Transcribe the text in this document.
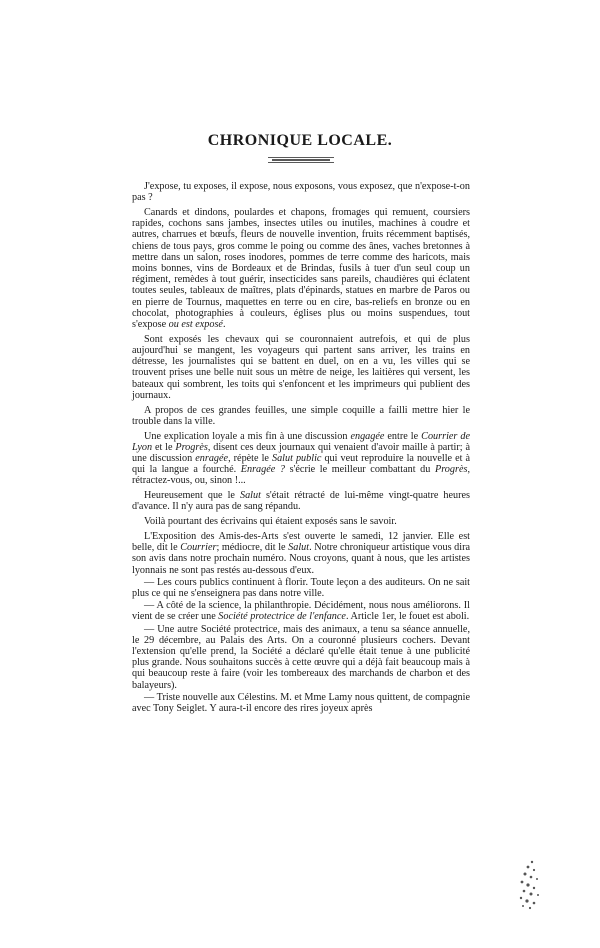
CHRONIQUE LOCALE.

J'expose, tu exposes, il expose, nous exposons, vous exposez, que n'expose-t-on pas ?

Canards et dindons, poulardes et chapons, fromages qui remuent, coursiers rapides, cochons sans jambes, insectes utiles ou inutiles, machines à coudre et autres, charrues et bœufs, fleurs de nouvelle invention, fruits récemment baptisés, chiens de tous pays, gros comme le poing ou comme des ânes, vaches bretonnes à mettre dans un salon, roses inodores, pommes de terre comme des haricots, mais moins bonnes, vins de Bordeaux et de Brindas, fusils à tuer d'un seul coup un régiment, remèdes à tout guérir, insecticides sans pareils, chaudières qui éclatent toutes seules, tableaux de maîtres, plats d'épinards, statues en marbre de Paros ou en pierre de Tournus, maquettes en terre ou en cire, bas-reliefs en bronze ou en chocolat, photographies à couleurs, églises plus ou moins suspendues, tout s'expose ou est exposé.

Sont exposés les chevaux qui se couronnaient autrefois, et qui de plus aujourd'hui se mangent, les voyageurs qui partent sans arriver, les trains en détresse, les journalistes qui se battent en duel, on en a vu, les villes qui se trouvent prises une belle nuit sous un mètre de neige, les laitières qui versent, les bateaux qui sombrent, les toits qui s'enfoncent et les imprimeurs qui publient des journaux.

A propos de ces grandes feuilles, une simple coquille a failli mettre hier le trouble dans la ville.

Une explication loyale a mis fin à une discussion engagée entre le Courrier de Lyon et le Progrès, disent ces deux journaux qui venaient d'avoir maille à partir; à une discussion enragée, répète le Salut public qui veut reproduire la nouvelle et à qui la langue a fourché. Enragée ? s'écrie le meilleur combattant du Progrès, rétractez-vous, ou, sinon !...

Heureusement que le Salut s'était rétracté de lui-même vingt-quatre heures d'avance. Il n'y aura pas de sang répandu.

Voilà pourtant des écrivains qui étaient exposés sans le savoir.

L'Exposition des Amis-des-Arts s'est ouverte le samedi, 12 janvier. Elle est belle, dit le Courrier; médiocre, dit le Salut. Notre chroniqueur artistique vous dira son avis dans notre prochain numéro. Nous croyons, quant à nous, que les artistes lyonnais ne sont pas restés au-dessous d'eux.

— Les cours publics continuent à florir. Toute leçon a des auditeurs. On ne sait plus ce qui ne s'enseignera pas dans notre ville.

— A côté de la science, la philanthropie. Décidément, nous nous améliorons. Il vient de se créer une Société protectrice de l'enfance. Article 1er, le fouet est aboli.

— Une autre Société protectrice, mais des animaux, a tenu sa séance annuelle, le 29 décembre, au Palais des Arts. On a couronné plusieurs cochers. Devant l'extension qu'elle prend, la Société a déclaré qu'elle était tenue à une publicité plus grande. Nous souhaitons succès à cette œuvre qui a déjà fait beaucoup mais à qui beaucoup reste à faire (voir les tombereaux des marchands de charbon et des balayeurs).

— Triste nouvelle aux Célestins. M. et Mme Lamy nous quittent, de compagnie avec Tony Seiglet. Y aura-t-il encore des rires joyeux après
